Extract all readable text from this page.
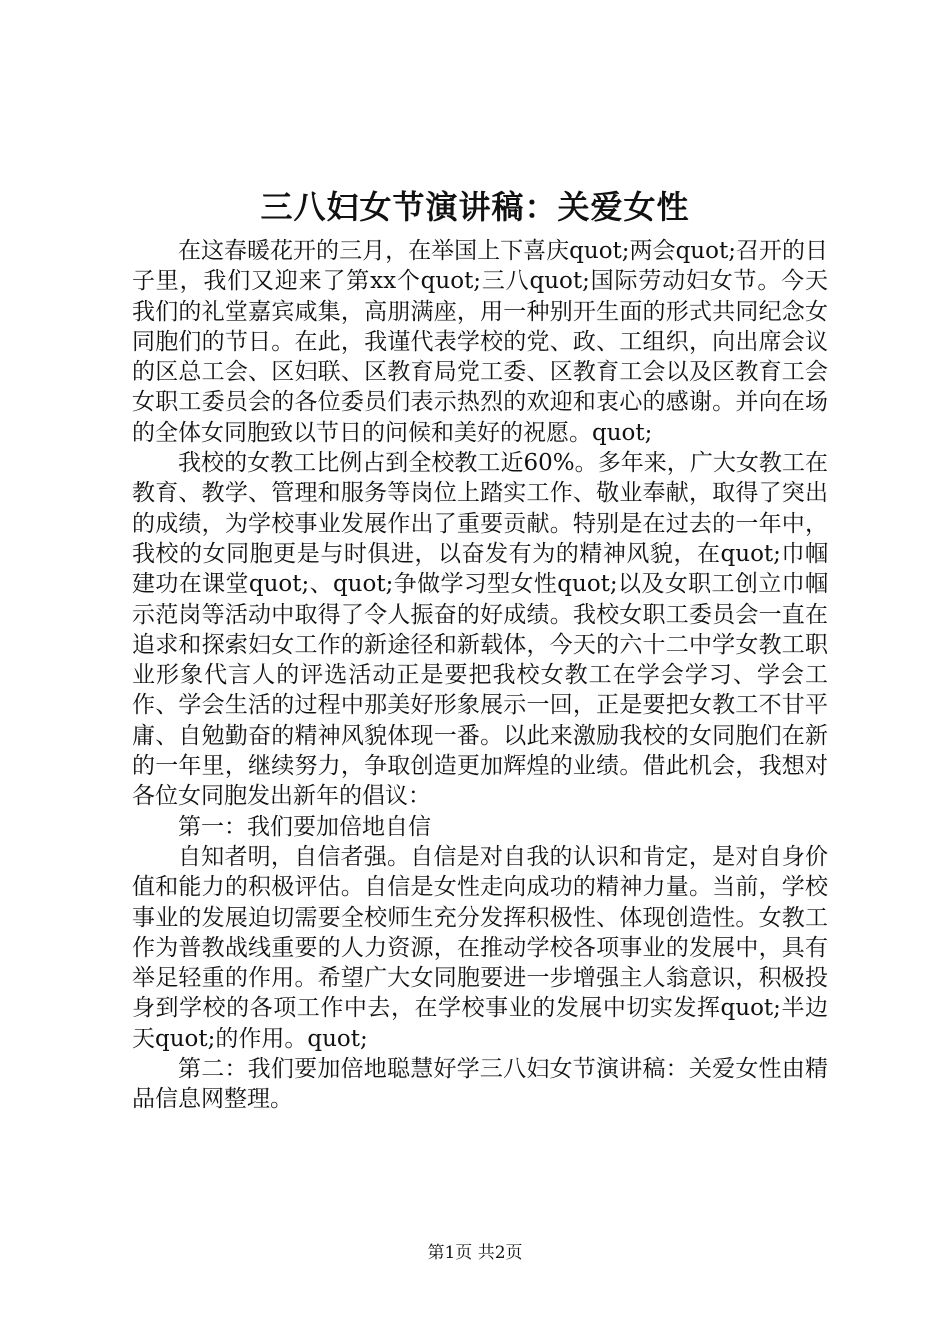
三八妇女节演讲稿：关爱女性

在这春暖花开的三月，在举国上下喜庆quot;两会quot;召开的日子里，我们又迎来了第xx个quot;三八quot;国际劳动妇女节。今天我们的礼堂嘉宾咸集，高朋满座，用一种别开生面的形式共同纪念女同胞们的节日。在此，我谨代表学校的党、政、工组织，向出席会议的区总工会、区妇联、区教育局党工委、区教育工会以及区教育工会女职工委员会的各位委员们表示热烈的欢迎和衷心的感谢。并向在场的全体女同胞致以节日的问候和美好的祝愿。quot;

我校的女教工比例占到全校教工近60%。多年来，广大女教工在教育、教学、管理和服务等岗位上踏实工作、敬业奉献，取得了突出的成绩，为学校事业发展作出了重要贡献。特别是在过去的一年中，我校的女同胞更是与时俱进，以奋发有为的精神风貌，在quot;巾帼建功在课堂quot;、quot;争做学习型女性quot;以及女职工创立巾帼示范岗等活动中取得了令人振奋的好成绩。我校女职工委员会一直在追求和探索妇女工作的新途径和新载体，今天的六十二中学女教工职业形象代言人的评选活动正是要把我校女教工在学会学习、学会工作、学会生活的过程中那美好形象展示一回，正是要把女教工不甘平庸、自勉勤奋的精神风貌体现一番。以此来激励我校的女同胞们在新的一年里，继续努力，争取创造更加辉煌的业绩。借此机会，我想对各位女同胞发出新年的倡议：

第一：我们要加倍地自信

自知者明，自信者强。自信是对自我的认识和肯定，是对自身价值和能力的积极评估。自信是女性走向成功的精神力量。当前，学校事业的发展迫切需要全校师生充分发挥积极性、体现创造性。女教工作为普教战线重要的人力资源，在推动学校各项事业的发展中，具有举足轻重的作用。希望广大女同胞要进一步增强主人翁意识，积极投身到学校的各项工作中去，在学校事业的发展中切实发挥quot;半边天quot;的作用。quot;

第二：我们要加倍地聪慧好学三八妇女节演讲稿：关爱女性由精品信息网整理。

第1页 共2页
